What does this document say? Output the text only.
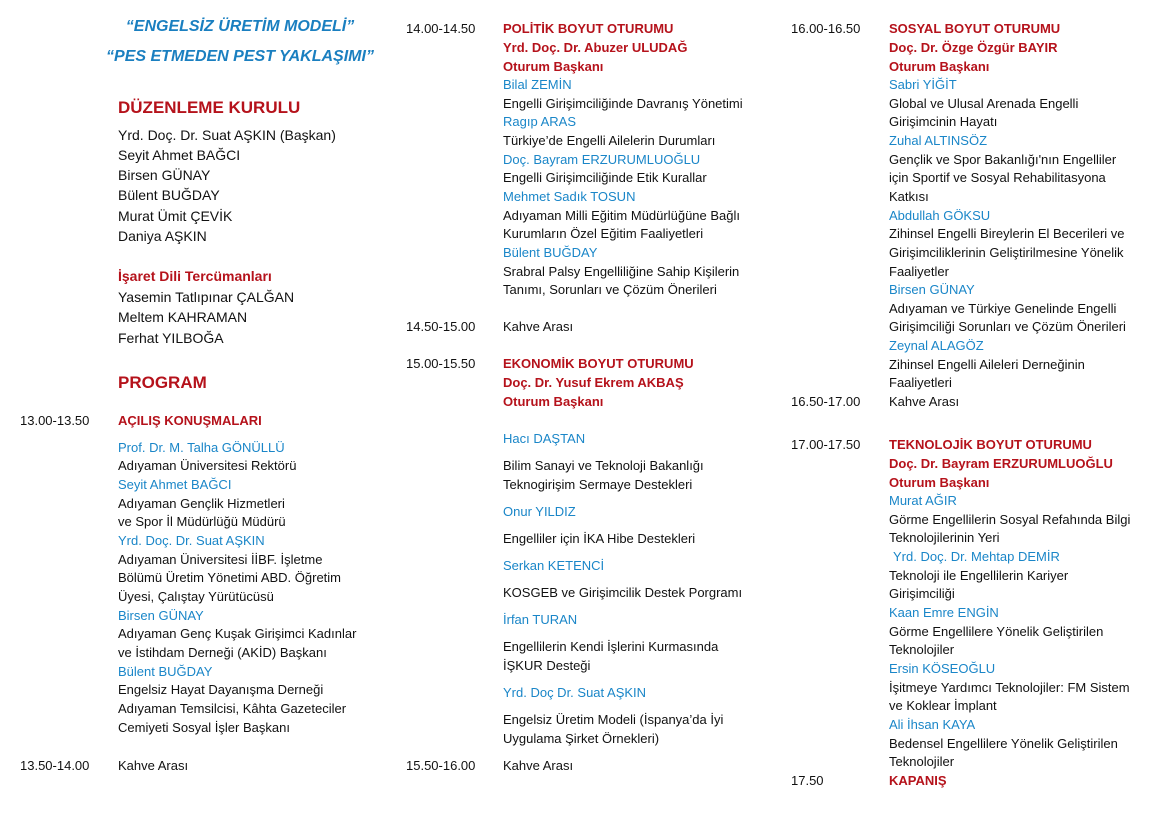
“ENGELSİZ ÜRETİM MODELİ”
“PES ETMEDEN PEST YAKLAŞIMI”
DÜZENLEME KURULU
Yrd. Doç. Dr. Suat AŞKIN (Başkan)
Seyit Ahmet BAĞCI
Birsen GÜNAY
Bülent BUĞDAY
Murat Ümit ÇEVİK
Daniya AŞKIN
İşaret Dili Tercümanları
Yasemin Tatlıpınar ÇALĞAN
Meltem KAHRAMAN
Ferhat YILBOĞA
PROGRAM
13.00-13.50 AÇILIŞ KONUŞMALARI
Prof. Dr. M. Talha GÖNÜLLÜ
Adıyaman Üniversitesi Rektörü
Seyit Ahmet BAĞCI
Adıyaman Gençlik Hizmetleri
ve Spor İl Müdürlüğü Müdürü
Yrd. Doç. Dr. Suat AŞKIN
Adıyaman Üniversitesi İİBF. İşletme
Bölümü Üretim Yönetimi ABD. Öğretim
Üyesi, Çalıştay Yürütücüsü
Birsen GÜNAY
Adıyaman Genç Kuşak Girişimci Kadınlar
ve İstihdam Derneği (AKİD) Başkanı
Bülent BUĞDAY
Engelsiz Hayat Dayanışma Derneği
Adıyaman Temsilcisi, Kâhta Gazeteciler
Cemiyeti Sosyal İşler Başkanı
13.50-14.00 Kahve Arası
14.00-14.50 POLİTİK BOYUT OTURUMU
Yrd. Doç. Dr. Abuzer ULUDAĞ
Oturum Başkanı
Bilal ZEMİN
Engelli Girişimciliğinde Davranış Yönetimi
Ragıp ARAS
Türkiye’de Engelli Ailelerin Durumları
Doç. Bayram ERZURUMLUOĞLU
Engelli Girişimciliğinde Etik Kurallar
Mehmet Sadık TOSUN
Adıyaman Milli Eğitim Müdürlüğüne Bağlı
Kurumların Özel Eğitim Faaliyetleri
Bülent BUĞDAY
Srabral Palsy Engelliliğine Sahip Kişilerin
Tanımı, Sorunları ve Çözüm Önerileri
14.50-15.00 Kahve Arası
15.00-15.50 EKONOMİK BOYUT OTURUMU
Doç. Dr. Yusuf Ekrem AKBAŞ
Oturum Başkanı
Hacı DAŞTAN
Bilim Sanayi ve Teknoloji Bakanlığı
Teknogirişim Sermaye Destekleri
Onur YILDIZ
Engelliler için İKA Hibe Destekleri
Serkan KETENCİ
KOSGEB ve Girişimcilik Destek Porgramı
İrfan TURAN
Engellilerin Kendi İşlerini Kurmasında
İŞKUR Desteği
Yrd. Doç Dr. Suat AŞKIN
Engelsiz Üretim Modeli (İspanya’da İyi
Uygulama Şirket Örnekleri)
15.50-16.00 Kahve Arası
16.00-16.50 SOSYAL BOYUT OTURUMU
Doç. Dr. Özge Özgür BAYIR
Oturum Başkanı
Sabri YİĞİT
Global ve Ulusal Arenada Engelli
Girişimcinin Hayatı
Zuhal ALTINSÖZ
Gençlik ve Spor Bakanlığı'nın Engelliler
için Sportif ve Sosyal Rehabilitasyona
Katkısı
Abdullah GÖKSU
Zihinsel Engelli Bireylerin El Becerileri ve
Girişimciliklerinin Geliştirilmesine Yönelik
Faaliyetler
Birsen GÜNAY
Adıyaman ve Türkiye Genelinde Engelli
Girişimciliği Sorunları ve Çözüm Önerileri
Zeynal ALAGÖZ
Zihinsel Engelli Aileleri Derneğinin
Faaliyetleri
16.50-17.00 Kahve Arası
17.00-17.50 TEKNOLOJİK BOYUT OTURUMU
Doç. Dr. Bayram ERZURUMLUOĞLU
Oturum Başkanı
Murat AĞIR
Görme Engellilerin Sosyal Refahında Bilgi
Teknolojilerinin Yeri
Yrd. Doç. Dr. Mehtap DEMİR
Teknoloji ile Engellilerin Kariyer
Girişimciliği
Kaan Emre ENGİN
Görme Engellilere Yönelik Geliştirilen
Teknolojiler
Ersin KÖSEOĞLU
İşitmeye Yardımcı Teknolojiler: FM Sistem
ve Koklear İmplant
Ali İhsan KAYA
Bedensel Engellilere Yönelik Geliştirilen
Teknolojiler
17.50	KAPANIŞ
